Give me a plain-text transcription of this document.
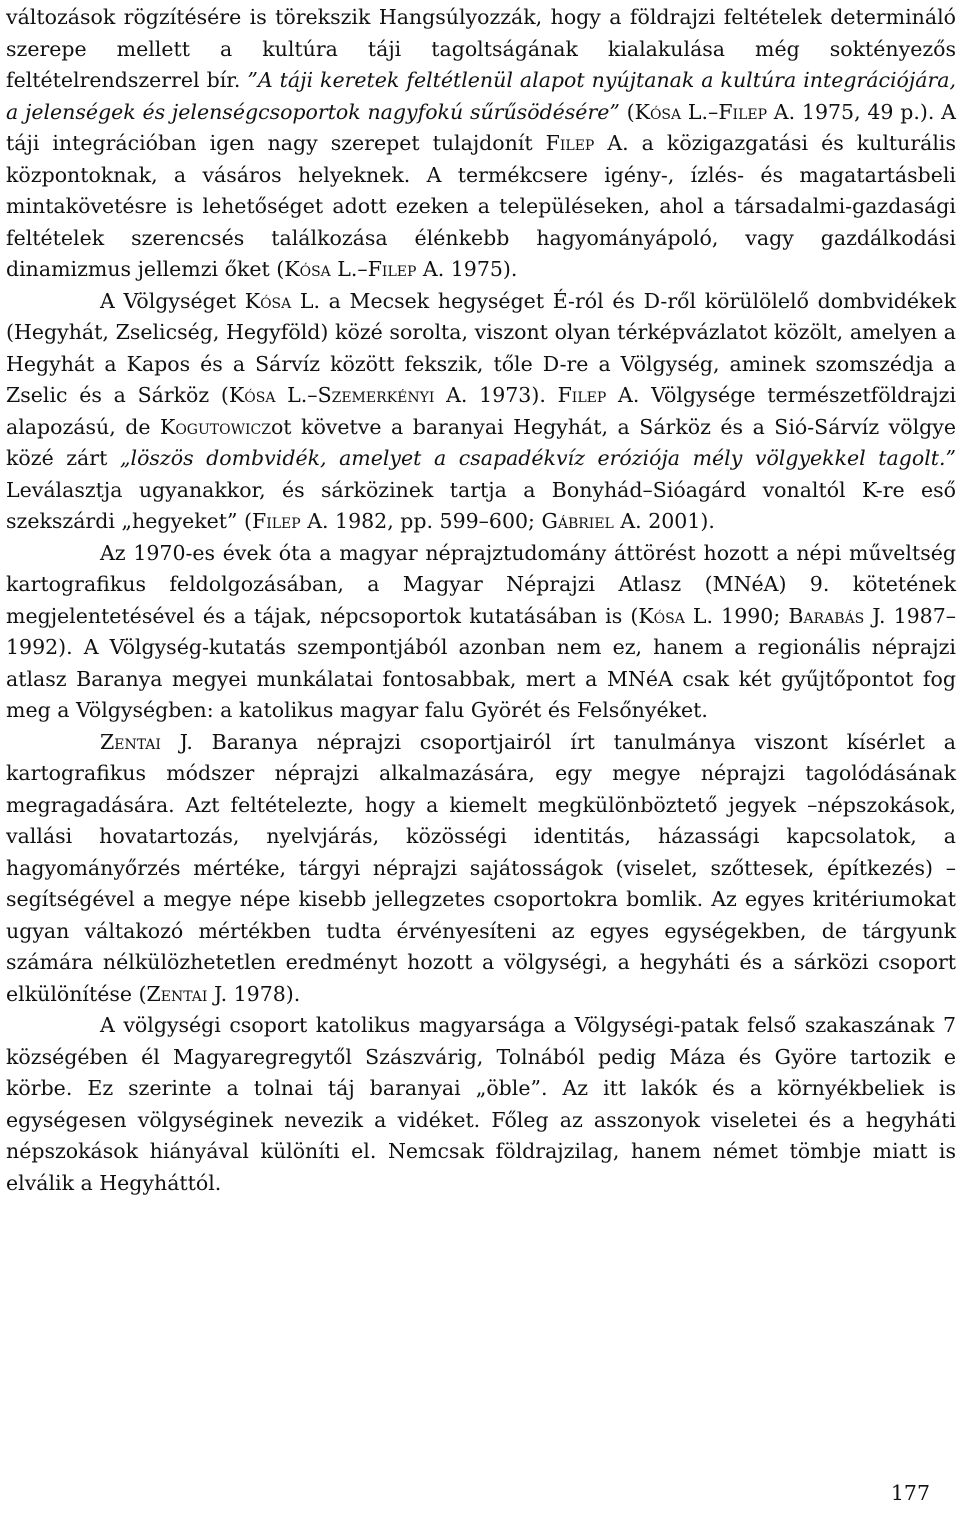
változások rögzítésére is törekszik Hangsúlyozzák, hogy a földrajzi feltételek determináló szerepe mellett a kultúra táji tagoltságának kialakulása még soktényezős feltételrendszerrel bír. ”A táji keretek feltétlenül alapot nyújtanak a kultúra integrációjára, a jelenségek és jelenségcsoportok nagyfokú sűrűsödésére” (Kósa L.–Filep A. 1975, 49 p.). A táji integrációban igen nagy szerepet tulajdonít Filep A. a közigazgatási és kulturális központoknak, a vásáros helyeknek. A termékcsere igény-, ízlés- és magatartásbeli mintakövetésre is lehetőséget adott ezeken a településeken, ahol a társadalmi-gazdasági feltételek szerencsés találkozása élénkebb hagyományápoló, vagy gazdálkodási dinamizmus jellemzi őket (Kósa L.–Filep A. 1975).

A Völgységet Kósa L. a Mecsek hegységet É-ról és D-ről körülölelő dombvidékek (Hegyhát, Zselicség, Hegyföld) közé sorolta, viszont olyan térképvázlatot közölt, amelyen a Hegyhát a Kapos és a Sárvíz között fekszik, tőle D-re a Völgység, aminek szomszédja a Zselic és a Sárköz (Kósa L.–Szemerkényi A. 1973). Filep A. Völgysége természetföldrajzi alapozású, de Kogutowiczot követve a baranyai Hegyhát, a Sárköz és a Sió-Sárvíz völgye közé zárt „löszös dombvidék, amelyet a csapadékvíz eróziója mély völgyekkel tagolt.” Leválasztja ugyanakkor, és sárközinek tartja a Bonyhád–Sióagárd vonaltól K-re eső szekszárdi „hegyeket” (Filep A. 1982, pp. 599–600; Gábriel A. 2001).

Az 1970-es évek óta a magyar néprajztudomány áttörést hozott a népi műveltség kartografikus feldolgozásában, a Magyar Néprajzi Atlasz (MNéA) 9. kötetének megjelentetésével és a tájak, népcsoportok kutatásában is (Kósa L. 1990; Barabás J. 1987–1992). A Völgység-kutatás szempontjából azonban nem ez, hanem a regionális néprajzi atlasz Baranya megyei munkálatai fontosabbak, mert a MNéA csak két gyűjtőpontot fog meg a Völgységben: a katolikus magyar falu Györét és Felsőnyéket.

Zentai J. Baranya néprajzi csoportjairól írt tanulmánya viszont kísérlet a kartografikus módszer néprajzi alkalmazására, egy megye néprajzi tagolódásának megragadására. Azt feltételezte, hogy a kiemelt megkülönböztető jegyek –népszokások, vallási hovatartozás, nyelvjárás, közösségi identitás, házassági kapcsolatok, a hagyományőrzés mértéke, tárgyi néprajzi sajátosságok (viselet, szőttesek, építkezés) – segítségével a megye népe kisebb jellegzetes csoportokra bomlik. Az egyes kritériumokat ugyan váltakozó mértékben tudta érvényesíteni az egyes egységekben, de tárgyunk számára nélkülözhetetlen eredményt hozott a völgységi, a hegyháti és a sárközi csoport elkülönítése (Zentai J. 1978).

A völgységi csoport katolikus magyarsága a Völgységi-patak felső szakaszának 7 községében él Magyaregregytől Szászvárig, Tolnából pedig Máza és Györe tartozik e körbe. Ez szerinte a tolnai táj baranyai „öble”. Az itt lakók és a környékbeliek is egységesen völgységinek nevezik a vidéket. Főleg az asszonyok viseletei és a hegyháti népszokások hiányával különíti el. Nemcsak földrajzilag, hanem német tömbje miatt is elválik a Hegyháttól.

177
